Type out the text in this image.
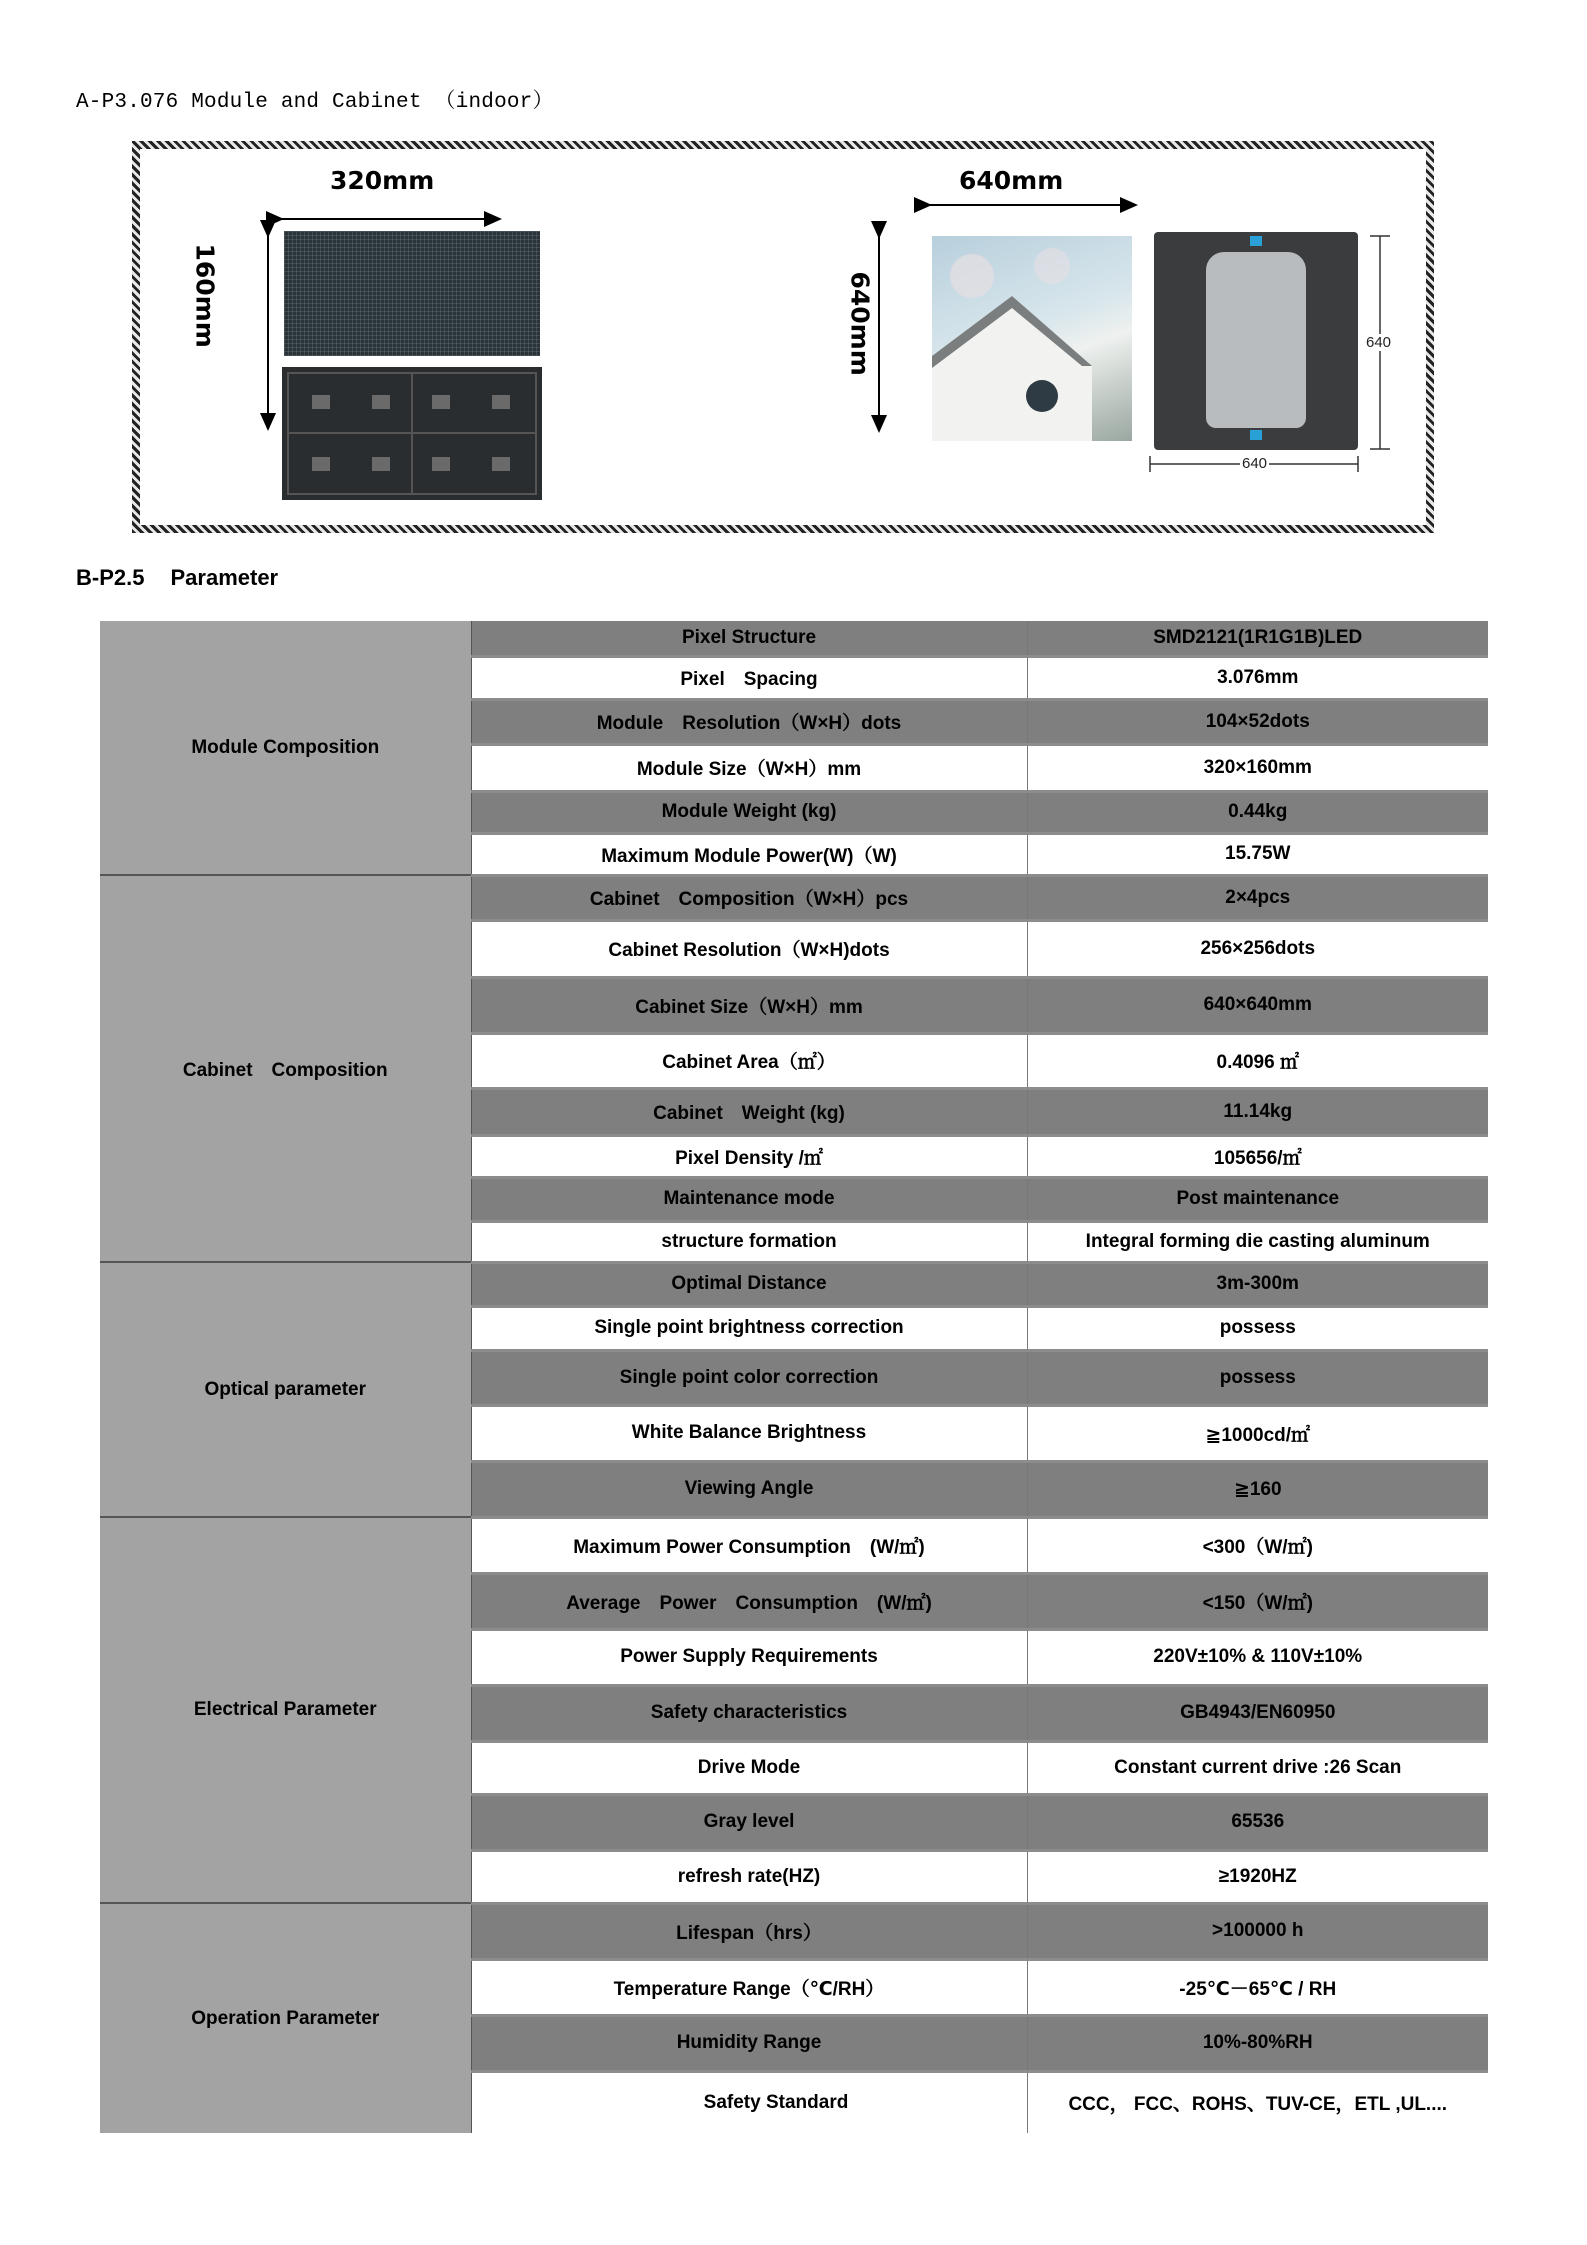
A-P3.076 Module and Cabinet （indoor）
320mm
160mm
640mm
640mm	640
640
B-P2.5 Parameter
Module Composition	Pixel Structure	SMD2121(1R1G1B)LED
	Pixel　Spacing	3.076mm
	Module　Resolution（W×H）dots	104×52dots
	Module Size（W×H）mm	320×160mm
	Module Weight (kg)	0.44kg
	Maximum Module Power(W)（W)	15.75W
Cabinet　Composition	Cabinet　Composition（W×H）pcs	2×4pcs
	Cabinet Resolution（W×H)dots	256×256dots
	Cabinet Size（W×H）mm	640×640mm
	Cabinet Area（㎡）	0.4096 ㎡
	Cabinet　Weight (kg)	11.14kg
	Pixel Density /㎡	105656/㎡
	Maintenance mode	Post maintenance
	structure formation	Integral forming die casting aluminum
Optical parameter	Optimal Distance	3m-300m
	Single point brightness correction	possess
	Single point color correction	possess
	White Balance Brightness	≧1000cd/㎡
	Viewing Angle	≧160
Electrical Parameter	Maximum Power Consumption　(W/㎡)	<300（W/㎡)
	Average　Power　Consumption　(W/㎡)	<150（W/㎡)
	Power Supply Requirements	220V±10% & 110V±10%
	Safety characteristics	GB4943/EN60950
	Drive Mode	Constant current drive :26 Scan
	Gray level	65536
	refresh rate(HZ)	≥1920HZ
Operation Parameter	Lifespan（hrs）	>100000 h
	Temperature Range（℃/RH）	-25℃－65℃ / RH
	Humidity Range	10%-80%RH
	Safety Standard	CCC， FCC、ROHS、TUV-CE，ETL ,UL....
